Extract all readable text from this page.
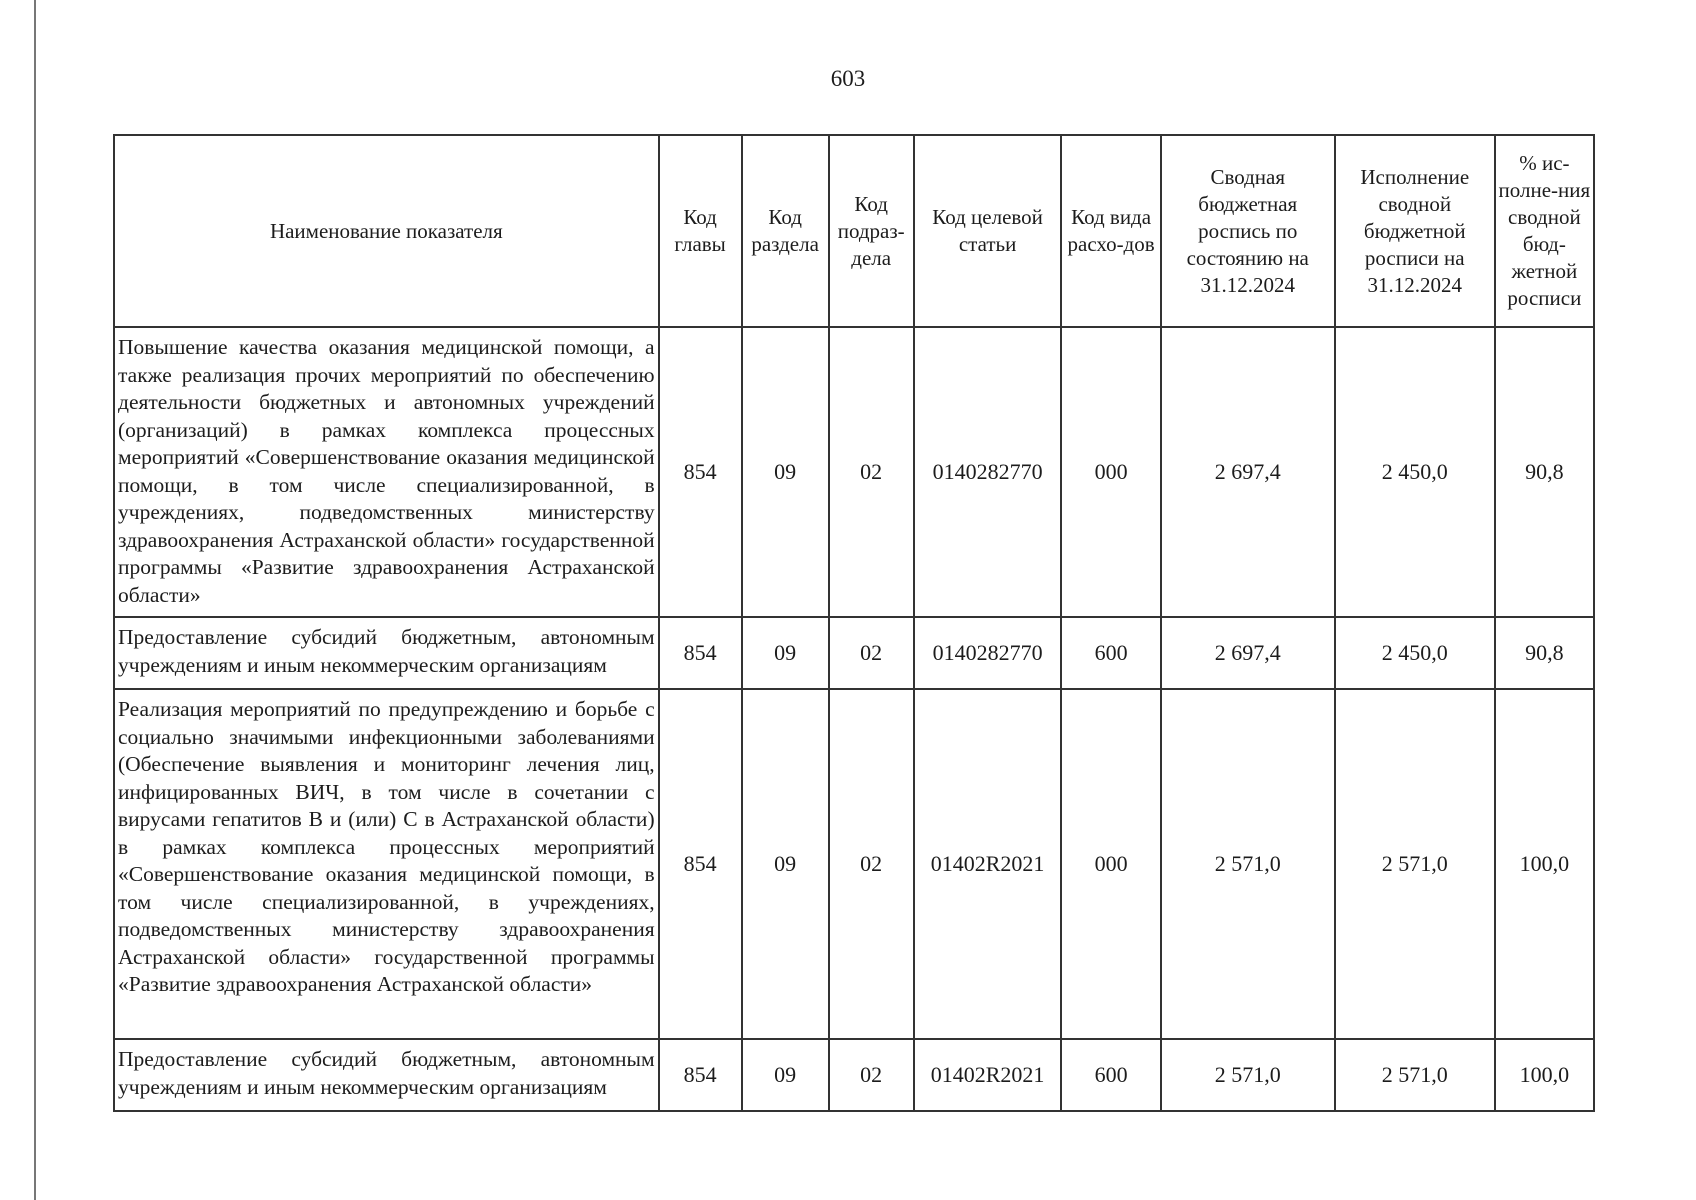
603
Наименование показателя	Код главы	Код раздела	Код подраз-дела	Код целевой статьи	Код вида расхо-дов	Сводная бюджетная роспись по состоянию на 31.12.2024	Исполнение сводной бюджетной росписи на 31.12.2024	% ис-полне-ния сводной бюд-жетной росписи
Повышение качества оказания медицинской помощи, а также реализация прочих мероприятий по обеспечению деятельности бюджетных и автономных учреждений (организаций) в рамках комплекса процессных мероприятий «Совершенствование оказания медицинской помощи, в том числе специализированной, в учреждениях, подведомственных министерству здравоохранения Астраханской области» государственной программы «Развитие здравоохранения Астраханской области»	854	09	02	0140282770	000	2 697,4	2 450,0	90,8
Предоставление субсидий бюджетным, автономным учреждениям и иным некоммерческим организациям	854	09	02	0140282770	600	2 697,4	2 450,0	90,8
Реализация мероприятий по предупреждению и борьбе с социально значимыми инфекционными заболеваниями (Обеспечение выявления и мониторинг лечения лиц, инфицированных ВИЧ, в том числе в сочетании с вирусами гепатитов В и (или) С в Астраханской области) в рамках комплекса процессных мероприятий «Совершенствование оказания медицинской помощи, в том числе специализированной, в учреждениях, подведомственных министерству здравоохранения Астраханской области» государственной программы «Развитие здравоохранения Астраханской области»	854	09	02	01402R2021	000	2 571,0	2 571,0	100,0
Предоставление субсидий бюджетным, автономным учреждениям и иным некоммерческим организациям	854	09	02	01402R2021	600	2 571,0	2 571,0	100,0
